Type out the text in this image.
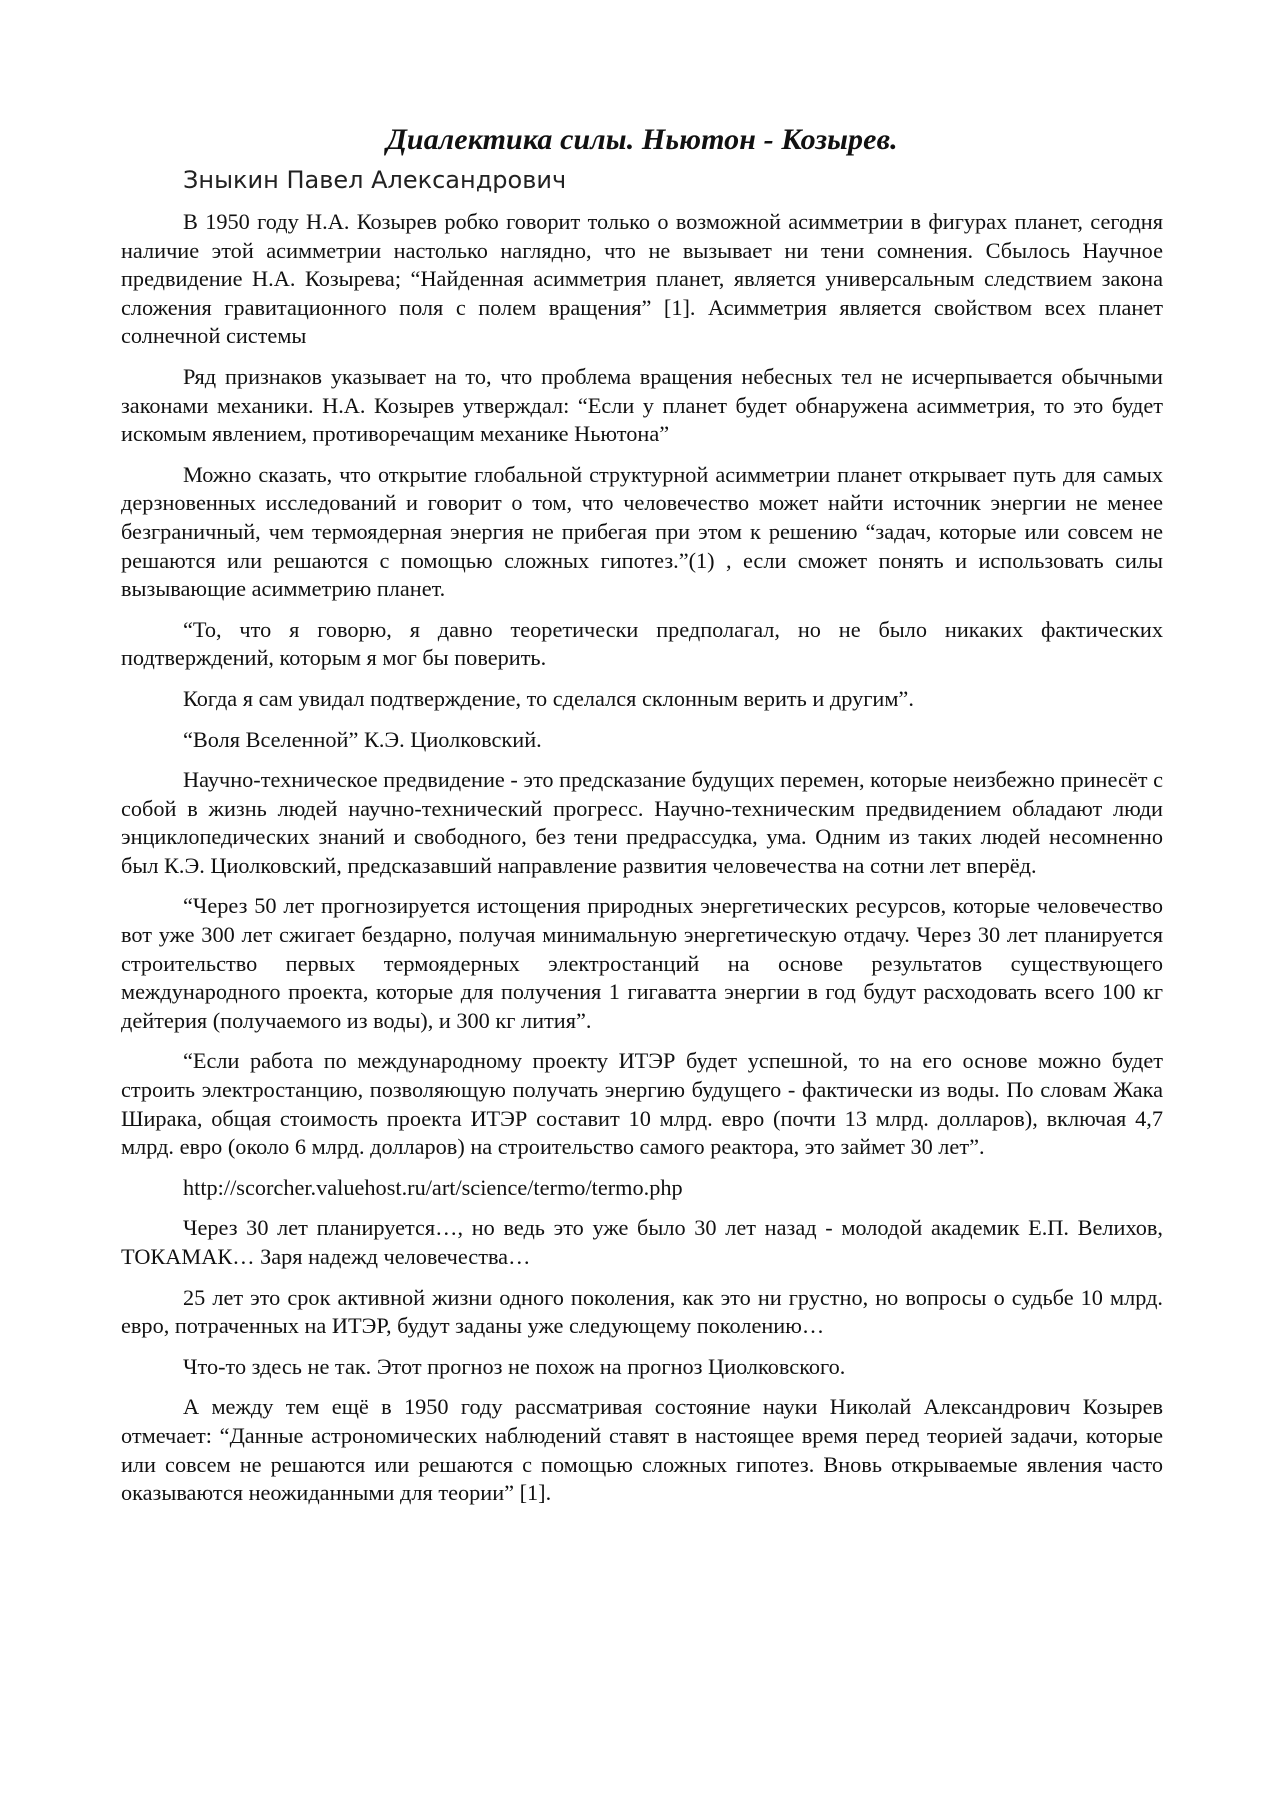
Диалектика силы. Ньютон - Козырев.

Зныкин Павел Александрович

В 1950 году Н.А. Козырев робко говорит только о возможной асимметрии в фигурах планет, сегодня наличие этой асимметрии настолько наглядно, что не вызывает ни тени сомнения. Сбылось Научное предвидение Н.А. Козырева; “Найденная асимметрия планет, является универсальным следствием закона сложения гравитационного поля с полем вращения” [1]. Асимметрия является свойством всех планет солнечной системы

Ряд признаков указывает на то, что проблема вращения небесных тел не исчерпывается обычными законами механики. Н.А. Козырев утверждал: “Если у планет будет обнаружена асимметрия, то это будет искомым явлением, противоречащим механике Ньютона”

Можно сказать, что открытие глобальной структурной асимметрии планет открывает путь для самых дерзновенных исследований и говорит о том, что человечество может найти источник энергии не менее безграничный, чем термоядерная энергия не прибегая при этом к решению “задач, которые или совсем не решаются или решаются с помощью сложных гипотез.”(1) , если сможет понять и использовать силы вызывающие асимметрию планет.

“То, что я говорю, я давно теоретически предполагал, но не было никаких фактических подтверждений, которым я мог бы поверить.

Когда я сам увидал подтверждение, то сделался склонным верить и другим”.

“Воля Вселенной” К.Э. Циолковский.

Научно-техническое предвидение - это предсказание будущих перемен, которые неизбежно принесёт с собой в жизнь людей научно-технический прогресс. Научно-техническим предвидением обладают люди энциклопедических знаний и свободного, без тени предрассудка, ума. Одним из таких людей несомненно был К.Э. Циолковский, предсказавший направление развития человечества на сотни лет вперёд.

“Через 50 лет прогнозируется истощения природных энергетических ресурсов, которые человечество вот уже 300 лет сжигает бездарно, получая минимальную энергетическую отдачу. Через 30 лет планируется строительство первых термоядерных электростанций на основе результатов существующего международного проекта, которые для получения 1 гигаватта энергии в год будут расходовать всего 100 кг дейтерия (получаемого из воды), и 300 кг лития”.

“Если работа по международному проекту ИТЭР будет успешной, то на его основе можно будет строить электростанцию, позволяющую получать энергию будущего - фактически из воды. По словам Жака Ширака, общая стоимость проекта ИТЭР составит 10 млрд. евро (почти 13 млрд. долларов), включая 4,7 млрд. евро (около 6 млрд. долларов) на строительство самого реактора, это займет 30 лет”.

http://scorcher.valuehost.ru/art/science/termo/termo.php

Через 30 лет планируется…, но ведь это уже было 30 лет назад - молодой академик Е.П. Велихов, ТОКАМАК… Заря надежд человечества…

25 лет это срок активной жизни одного поколения, как это ни грустно, но вопросы о судьбе 10 млрд. евро, потраченных на ИТЭР, будут заданы уже следующему поколению…

Что-то здесь не так. Этот прогноз не похож на прогноз Циолковского.

А между тем ещё в 1950 году рассматривая состояние науки Николай Александрович Козырев отмечает: “Данные астрономических наблюдений ставят в настоящее время перед теорией задачи, которые или совсем не решаются или решаются с помощью сложных гипотез. Вновь открываемые явления часто оказываются неожиданными для теории” [1].
